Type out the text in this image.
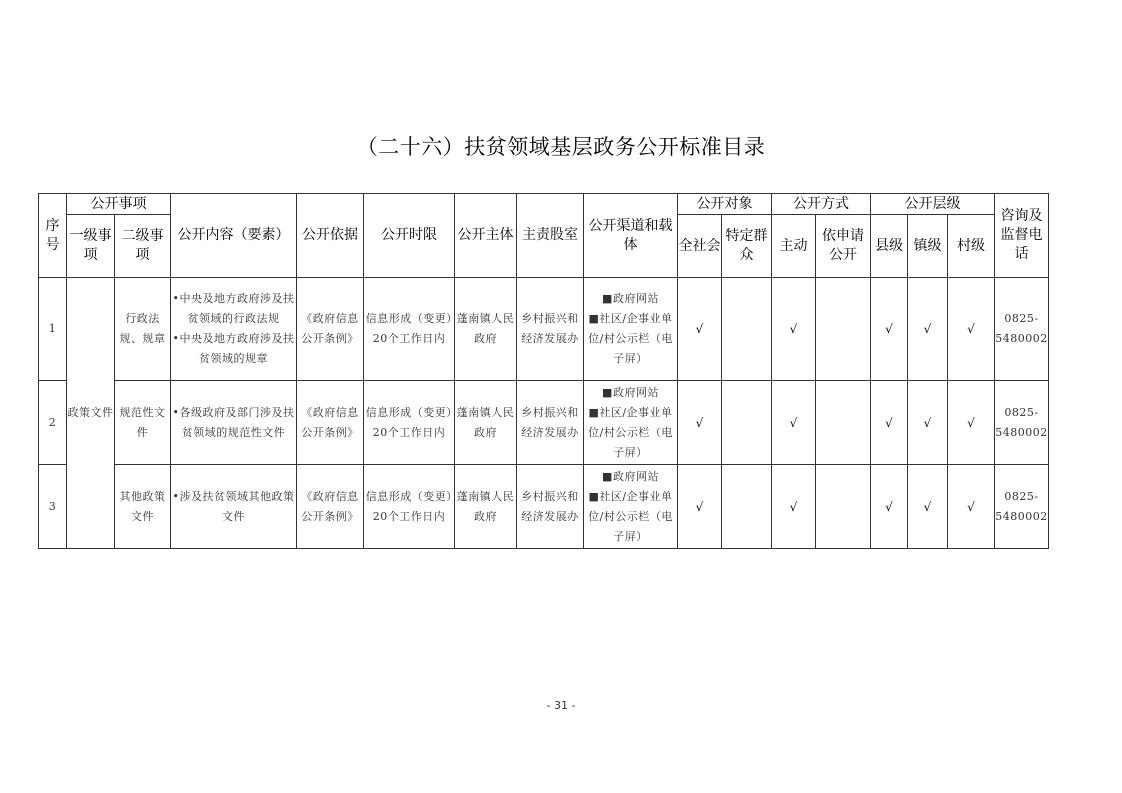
（二十六）扶贫领域基层政务公开标准目录
序号	公开事项		公开内容（要素）	公开依据	公开时限	公开主体	主责股室	公开渠道和载体	公开对象		公开方式		公开层级			咨询及监督电话
	一级事项	二级事项							全社会	特定群众	主动	依申请公开	县级	镇级	村级	
1	政策文件	行政法规、规章	•中央及地方政府涉及扶贫领域的行政法规
•中央及地方政府涉及扶贫领域的规章	《政府信息公开条例》	信息形成（变更）20个工作日内	蓬南镇人民政府	乡村振兴和经济发展办	■政府网站
■社区/企事业单位/村公示栏（电子屏）	√		√		√	√	√	0825-5480002
2		规范性文件	•各级政府及部门涉及扶贫领域的规范性文件	《政府信息公开条例》	信息形成（变更）20个工作日内	蓬南镇人民政府	乡村振兴和经济发展办	■政府网站
■社区/企事业单位/村公示栏（电子屏）	√		√		√	√	√	0825-5480002
3		其他政策文件	•涉及扶贫领域其他政策文件	《政府信息公开条例》	信息形成（变更）20个工作日内	蓬南镇人民政府	乡村振兴和经济发展办	■政府网站
■社区/企事业单位/村公示栏（电子屏）	√		√		√	√	√	0825-5480002
- 31 -
